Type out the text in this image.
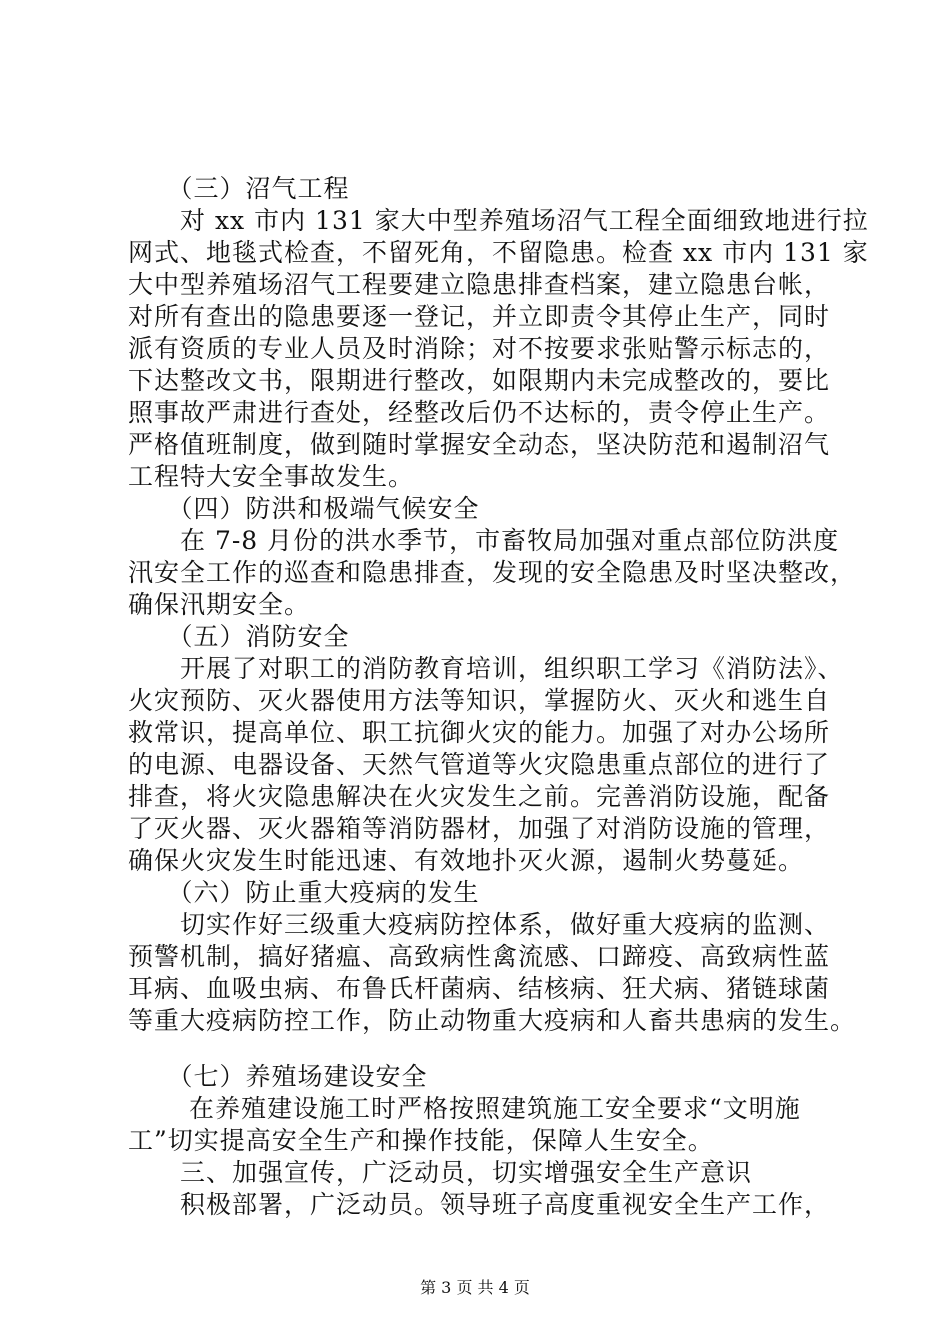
　　（三）沼气工程
　　对 xx 市内 131 家大中型养殖场沼气工程全面细致地进行拉
网式、地毯式检查，不留死角，不留隐患。检查 xx 市内 131 家
大中型养殖场沼气工程要建立隐患排查档案，建立隐患台帐，
对所有查出的隐患要逐一登记，并立即责令其停止生产，同时
派有资质的专业人员及时消除；对不按要求张贴警示标志的，
下达整改文书，限期进行整改，如限期内未完成整改的，要比
照事故严肃进行查处，经整改后仍不达标的，责令停止生产。
严格值班制度，做到随时掌握安全动态，坚决防范和遏制沼气
工程特大安全事故发生。
　　（四）防洪和极端气候安全
　　在 7-8 月份的洪水季节，市畜牧局加强对重点部位防洪度
汛安全工作的巡查和隐患排查，发现的安全隐患及时坚决整改，
确保汛期安全。
　　（五）消防安全
　　开展了对职工的消防教育培训，组织职工学习《消防法》、
火灾预防、灭火器使用方法等知识，掌握防火、灭火和逃生自
救常识，提高单位、职工抗御火灾的能力。加强了对办公场所
的电源、电器设备、天然气管道等火灾隐患重点部位的进行了
排查，将火灾隐患解决在火灾发生之前。完善消防设施，配备
了灭火器、灭火器箱等消防器材，加强了对消防设施的管理，
确保火灾发生时能迅速、有效地扑灭火源，遏制火势蔓延。
　　（六）防止重大疫病的发生
　　切实作好三级重大疫病防控体系，做好重大疫病的监测、
预警机制，搞好猪瘟、高致病性禽流感、口蹄疫、高致病性蓝
耳病、血吸虫病、布鲁氏杆菌病、结核病、狂犬病、猪链球菌
等重大疫病防控工作，防止动物重大疫病和人畜共患病的发生。
　　（七）养殖场建设安全
　　 在养殖建设施工时严格按照建筑施工安全要求“文明施
工”切实提高安全生产和操作技能，保障人生安全。
　　三、加强宣传，广泛动员，切实增强安全生产意识
　　积极部署，广泛动员。领导班子高度重视安全生产工作，
第 3 页 共 4 页
